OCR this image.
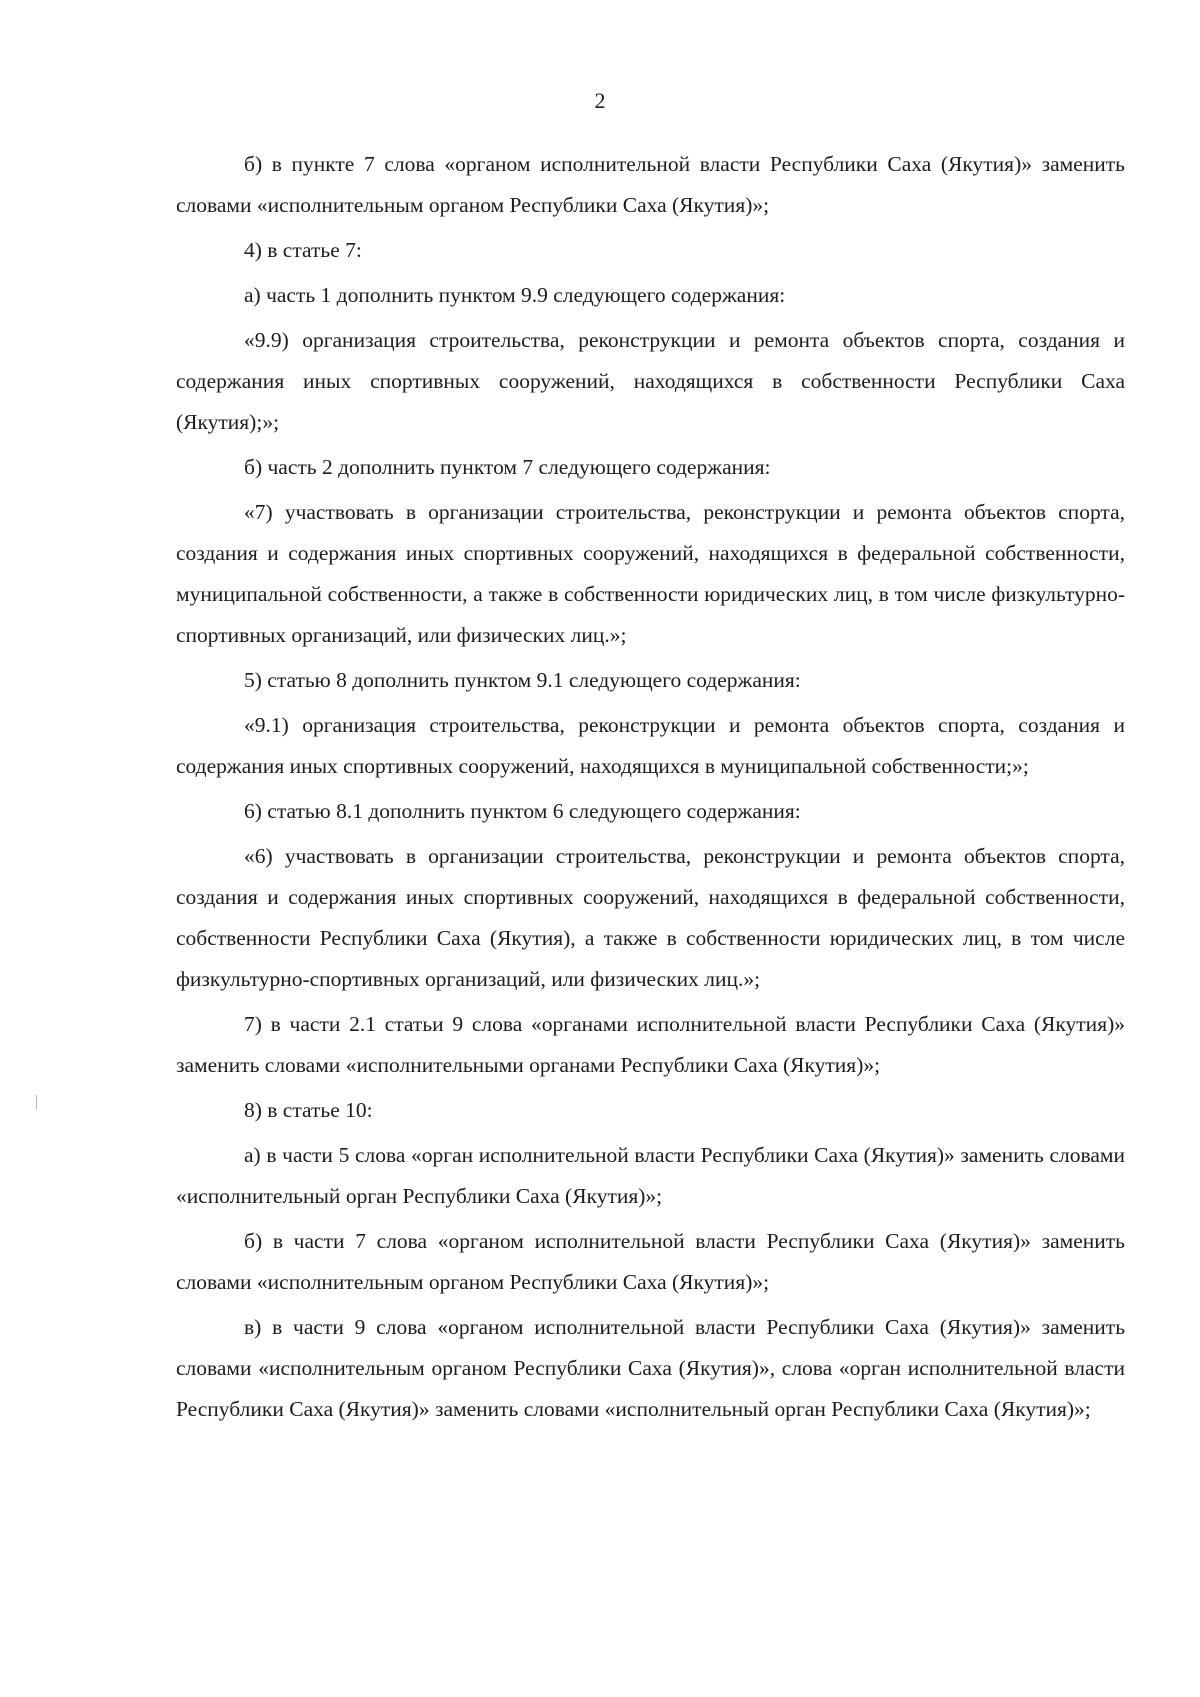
2

б) в пункте 7 слова «органом исполнительной власти Республики Саха (Якутия)» заменить словами «исполнительным органом Республики Саха (Якутия)»;

4) в статье 7:

а) часть 1 дополнить пунктом 9.9 следующего содержания:

«9.9) организация строительства, реконструкции и ремонта объектов спорта, создания и содержания иных спортивных сооружений, находящихся в собственности Республики Саха (Якутия);»;

б) часть 2 дополнить пунктом 7 следующего содержания:

«7) участвовать в организации строительства, реконструкции и ремонта объектов спорта, создания и содержания иных спортивных сооружений, находящихся в федеральной собственности, муниципальной собственности, а также в собственности юридических лиц, в том числе физкультурно-спортивных организаций, или физических лиц.»;

5) статью 8 дополнить пунктом 9.1 следующего содержания:

«9.1) организация строительства, реконструкции и ремонта объектов спорта, создания и содержания иных спортивных сооружений, находящихся в муниципальной собственности;»;

6) статью 8.1 дополнить пунктом 6 следующего содержания:

«6) участвовать в организации строительства, реконструкции и ремонта объектов спорта, создания и содержания иных спортивных сооружений, находящихся в федеральной собственности, собственности Республики Саха (Якутия), а также в собственности юридических лиц, в том числе физкультурно-спортивных организаций, или физических лиц.»;

7) в части 2.1 статьи 9 слова «органами исполнительной власти Республики Саха (Якутия)» заменить словами «исполнительными органами Республики Саха (Якутия)»;

8) в статье 10:

а) в части 5 слова «орган исполнительной власти Республики Саха (Якутия)» заменить словами «исполнительный орган Республики Саха (Якутия)»;

б) в части 7 слова «органом исполнительной власти Республики Саха (Якутия)» заменить словами «исполнительным органом Республики Саха (Якутия)»;

в) в части 9 слова «органом исполнительной власти Республики Саха (Якутия)» заменить словами «исполнительным органом Республики Саха (Якутия)», слова «орган исполнительной власти Республики Саха (Якутия)» заменить словами «исполнительный орган Республики Саха (Якутия)»;
